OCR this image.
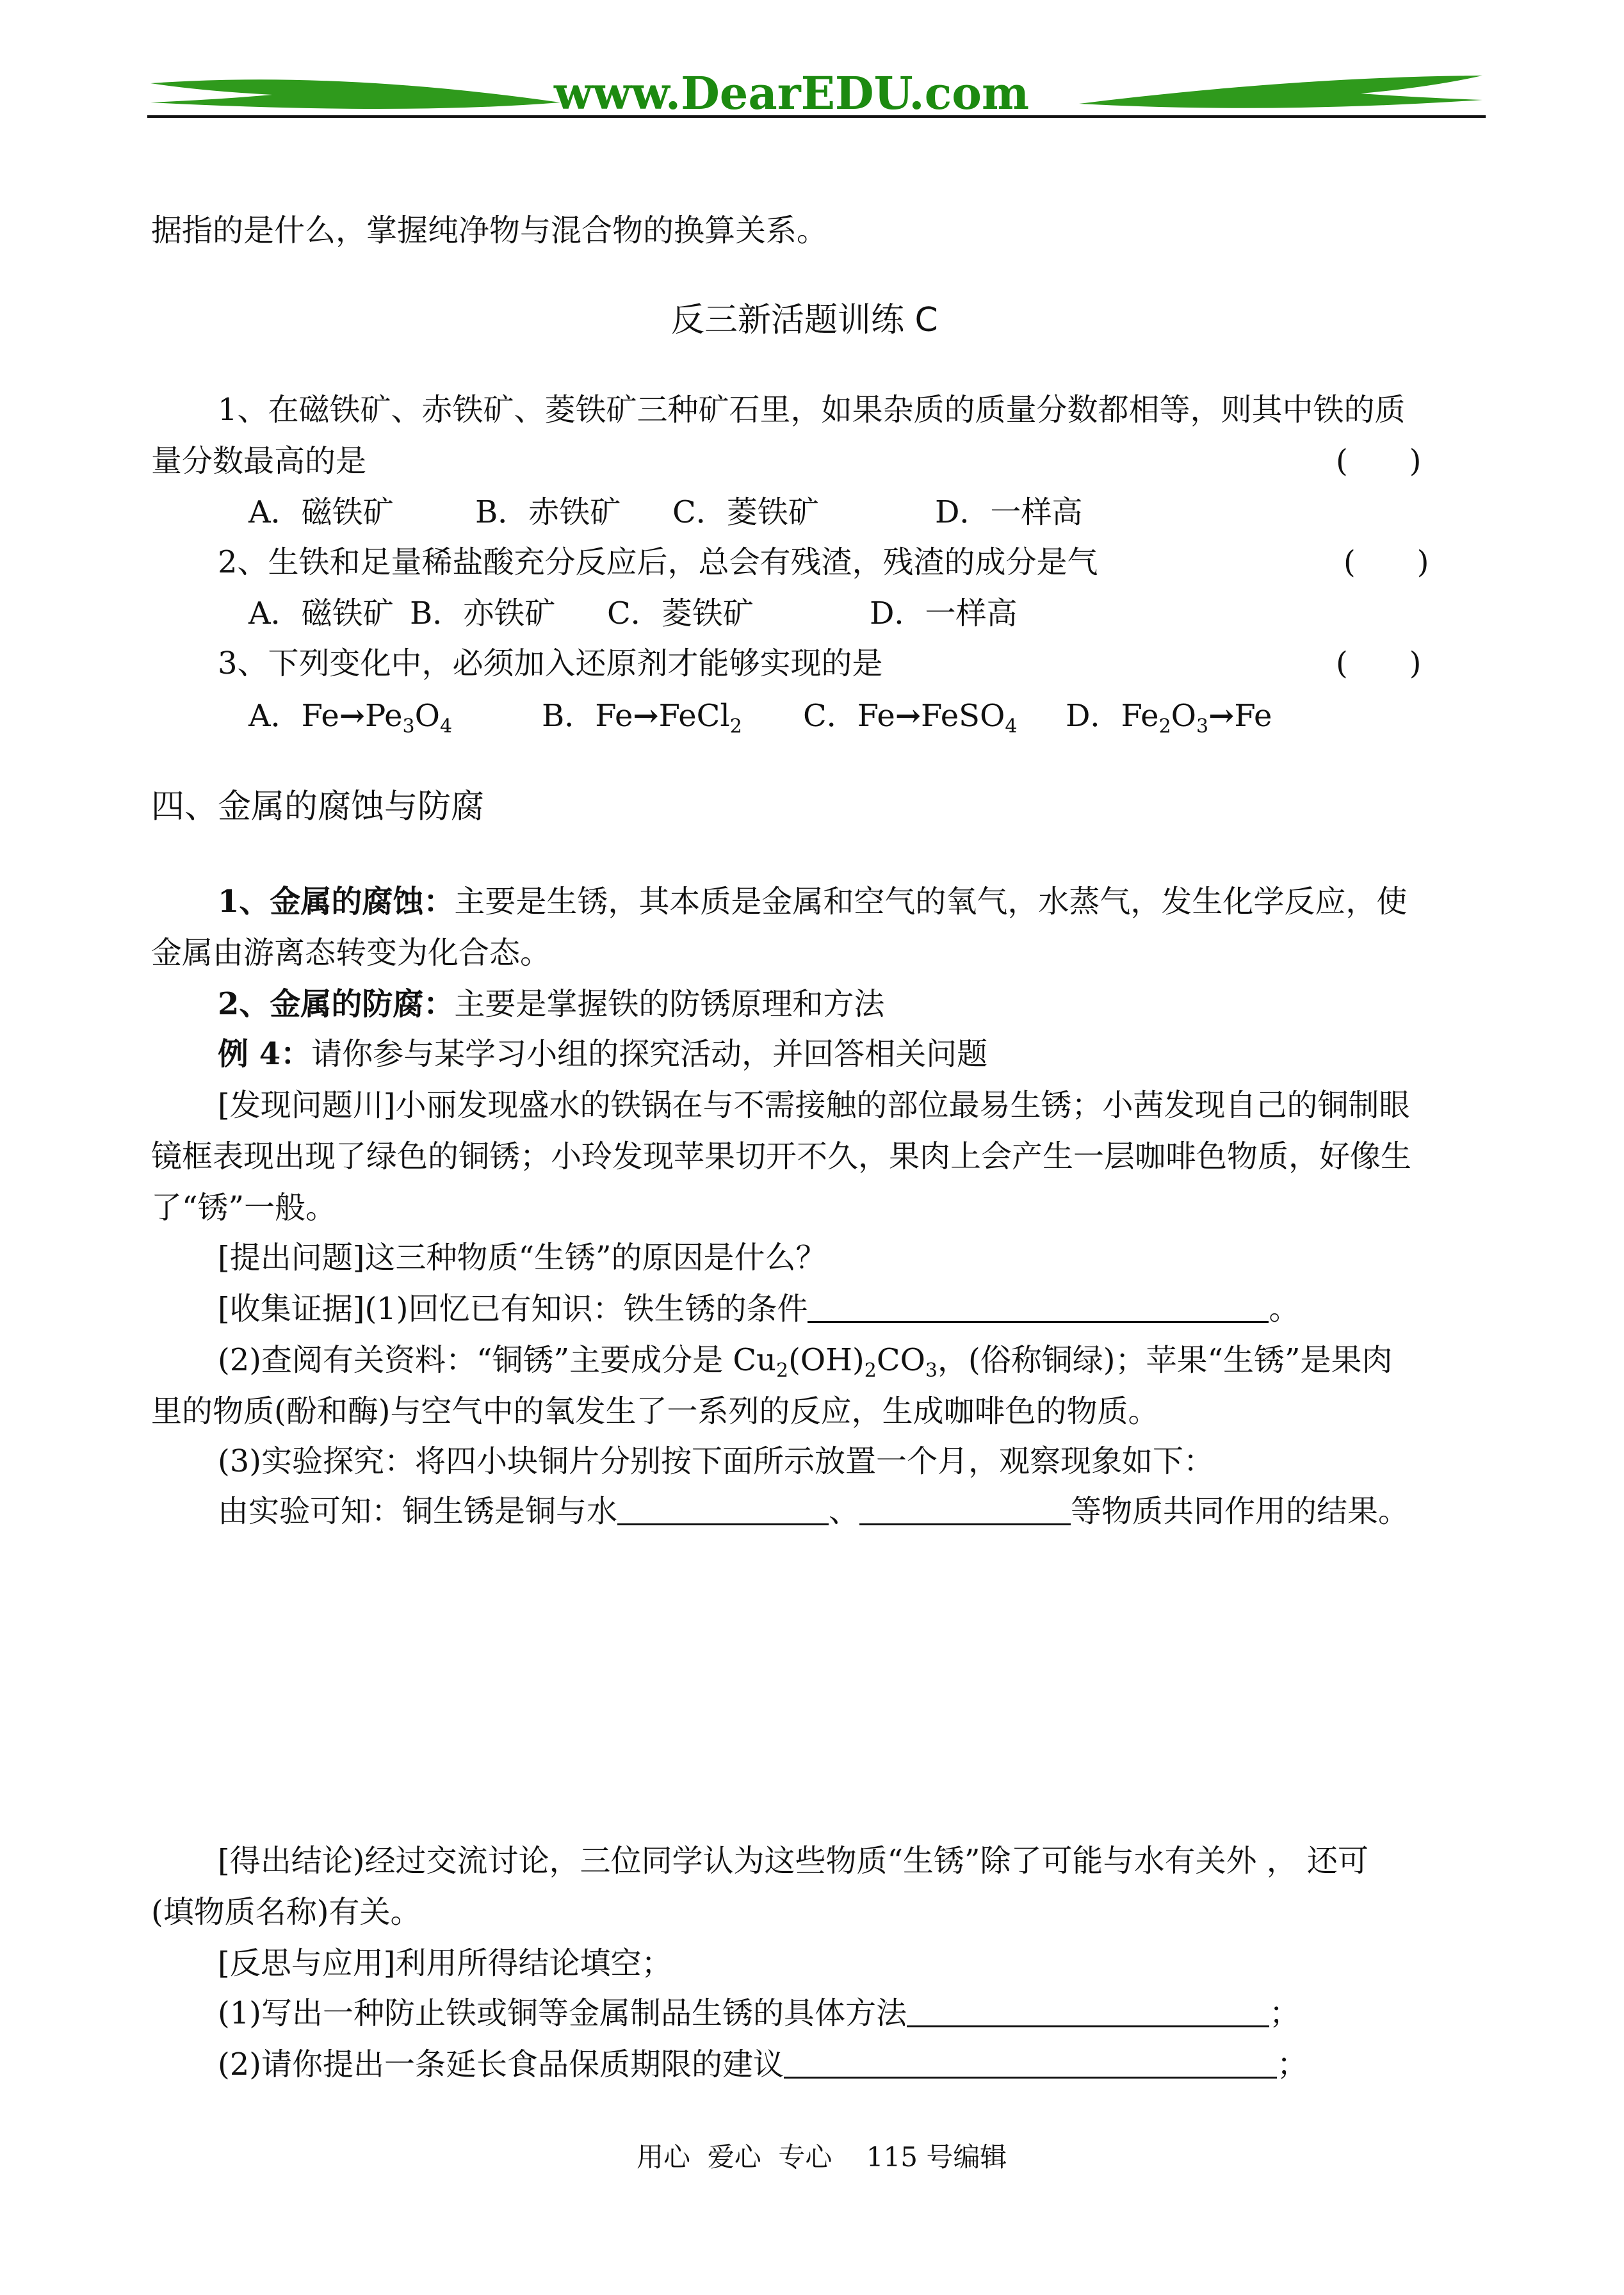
www.DearEDU.com
据指的是什么，掌握纯净物与混合物的换算关系。
反三新活题训练 C
1、在磁铁矿、赤铁矿、菱铁矿三种矿石里，如果杂质的质量分数都相等，则其中铁的质
量分数最高的是	(　　)
A．磁铁矿	B．赤铁矿 C．菱铁矿	D．一样高
2、生铁和足量稀盐酸充分反应后，总会有残渣，残渣的成分是气	(　　)
A．磁铁矿 B．亦铁矿 C．菱铁矿	D．一样高
3、下列变化中，必须加入还原剂才能够实现的是	(　　)
A．$Fe\to Pe_3O_4$	B．Fe→FeCl$_2$ C．Fe→FeSO$_4$ D．$Fe_2O_3\to Fe$
四、金属的腐蚀与防腐
1、金属的腐蚀：主要是生锈，其本质是金属和空气的氧气，水蒸气，发生化学反应，使
金属由游离态转变为化合态。
2、金属的防腐：主要是掌握铁的防锈原理和方法
例 4：请你参与某学习小组的探究活动，并回答相关问题
[发现问题川]小丽发现盛水的铁锅在与不需接触的部位最易生锈；小茜发现自己的铜制眼
镜框表现出现了绿色的铜锈；小玲发现苹果切开不久，果肉上会产生一层咖啡色物质，好像生
了“锈”一般。
[提出问题]这三种物质“生锈”的原因是什么？
[收集证据](1)回忆已有知识：铁生锈的条件	。
(2)查阅有关资料：“铜锈”主要成分是 $Cu_2(OH)_2CO_3$，(俗称铜绿)；苹果“生锈”是果肉
里的物质(酚和酶)与空气中的氧发生了一系列的反应，生成咖啡色的物质。
(3)实验探究：将四小块铜片分别按下面所示放置一个月，观察现象如下：
由实验可知：铜生锈是铜与水	、	等物质共同作用的结果。
[得出结论)经过交流讨论，三位同学认为这些物质“生锈”除了可能与水有关外 ， 还可
(填物质名称)有关。
[反思与应用]利用所得结论填空；
(1)写出一种防止铁或铜等金属制品生锈的具体方法	；
(2)请你提出一条延长食品保质期限的建议	；
用心  爱心  专心    115 号编辑
